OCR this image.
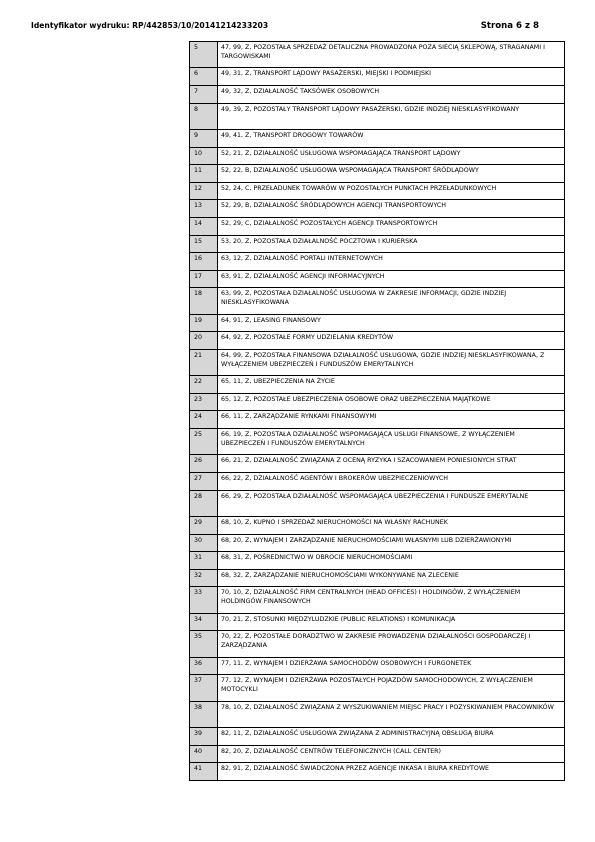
Identyfikator wydruku: RP/442853/10/20141214233203	Strona 6 z 8
5	47, 99, Z, POZOSTAŁA SPRZEDAŻ DETALICZNA PROWADZONA POZA SIECIĄ SKLEPOWĄ, STRAGANAMI I TARGOWISKAMI
6	49, 31, Z, TRANSPORT LĄDOWY PASAŻERSKI, MIEJSKI I PODMIEJSKI
7	49, 32, Z, DZIAŁALNOŚĆ TAKSÓWEK OSOBOWYCH
8	49, 39, Z, POZOSTAŁY TRANSPORT LĄDOWY PASAŻERSKI, GDZIE INDZIEJ NIESKLASYFIKOWANY
9	49, 41, Z, TRANSPORT DROGOWY TOWARÓW
10	52, 21, Z, DZIAŁALNOŚĆ USŁUGOWA WSPOMAGAJĄCA TRANSPORT LĄDOWY
11	52, 22, B, DZIAŁALNOŚĆ USŁUGOWA WSPOMAGAJĄCA TRANSPORT ŚRÓDLĄDOWY
12	52, 24, C, PRZEŁADUNEK TOWARÓW W POZOSTAŁYCH PUNKTACH PRZEŁADUNKOWYCH
13	52, 29, B, DZIAŁALNOŚĆ ŚRÓDLĄDOWYCH AGENCJI TRANSPORTOWYCH
14	52, 29, C, DZIAŁALNOŚĆ POZOSTAŁYCH AGENCJI TRANSPORTOWYCH
15	53, 20, Z, POZOSTAŁA DZIAŁALNOŚĆ POCZTOWA I KURIERSKA
16	63, 12, Z, DZIAŁALNOŚĆ PORTALI INTERNETOWYCH
17	63, 91, Z, DZIAŁALNOŚĆ AGENCJI INFORMACYJNYCH
18	63, 99, Z, POZOSTAŁA DZIAŁALNOŚĆ USŁUGOWA W ZAKRESIE INFORMACJI, GDZIE INDZIEJ NIESKLASYFIKOWANA
19	64, 91, Z, LEASING FINANSOWY
20	64, 92, Z, POZOSTAŁE FORMY UDZIELANIA KREDYTÓW
21	64, 99, Z, POZOSTAŁA FINANSOWA DZIAŁALNOŚĆ USŁUGOWA, GDZIE INDZIEJ NIESKLASYFIKOWANA, Z WYŁĄCZENIEM UBEZPIECZEŃ I FUNDUSZÓW EMERYTALNYCH
22	65, 11, Z, UBEZPIECZENIA NA ŻYCIE
23	65, 12, Z, POZOSTAŁE UBEZPIECZENIA OSOBOWE ORAZ UBEZPIECZENIA MAJĄTKOWE
24	66, 11, Z, ZARZĄDZANIE RYNKAMI FINANSOWYMI
25	66, 19, Z, POZOSTAŁA DZIAŁALNOŚĆ WSPOMAGAJĄCA USŁUGI FINANSOWE, Z WYŁĄCZENIEM UBEZPIECZEŃ I FUNDUSZÓW EMERYTALNYCH
26	66, 21, Z, DZIAŁALNOŚĆ ZWIĄZANA Z OCENĄ RYZYKA I SZACOWANIEM PONIESIONYCH STRAT
27	66, 22, Z, DZIAŁALNOŚĆ AGENTÓW I BROKERÓW UBEZPIECZENIOWYCH
28	66, 29, Z, POZOSTAŁA DZIAŁALNOŚĆ WSPOMAGAJĄCA UBEZPIECZENIA I FUNDUSZE EMERYTALNE
29	68, 10, Z, KUPNO I SPRZEDAŻ NIERUCHOMOŚCI NA WŁASNY RACHUNEK
30	68, 20, Z, WYNAJEM I ZARZĄDZANIE NIERUCHOMOŚCIAMI WŁASNYMI LUB DZIERŻAWIONYMI
31	68, 31, Z, POŚREDNICTWO W OBROCIE NIERUCHOMOŚCIAMI
32	68, 32, Z, ZARZĄDZANIE NIERUCHOMOŚCIAMI WYKONYWANE NA ZLECENIE
33	70, 10, Z, DZIAŁALNOŚĆ FIRM CENTRALNYCH (HEAD OFFICES) I HOLDINGÓW, Z WYŁĄCZENIEM HOLDINGÓW FINANSOWYCH
34	70, 21, Z, STOSUNKI MIĘDZYLUDZKIE (PUBLIC RELATIONS) I KOMUNIKACJA
35	70, 22, Z, POZOSTAŁE DORADZTWO W ZAKRESIE PROWADZENIA DZIAŁALNOŚCI GOSPODARCZEJ I ZARZĄDZANIA
36	77, 11, Z, WYNAJEM I DZIERŻAWA SAMOCHODÓW OSOBOWYCH I FURGONETEK
37	77, 12, Z, WYNAJEM I DZIERŻAWA POZOSTAŁYCH POJAZDÓW SAMOCHODOWYCH, Z WYŁĄCZENIEM MOTOCYKLI
38	78, 10, Z, DZIAŁALNOŚĆ ZWIĄZANA Z WYSZUKIWANIEM MIEJSC PRACY I POZYSKIWANIEM PRACOWNIKÓW
39	82, 11, Z, DZIAŁALNOŚĆ USŁUGOWA ZWIĄZANA Z ADMINISTRACYJNĄ OBSŁUGĄ BIURA
40	82, 20, Z, DZIAŁALNOŚĆ CENTRÓW TELEFONICZNYCH (CALL CENTER)
41	82, 91, Z, DZIAŁALNOŚĆ ŚWIADCZONA PRZEZ AGENCJE INKASA I BIURA KREDYTOWE
